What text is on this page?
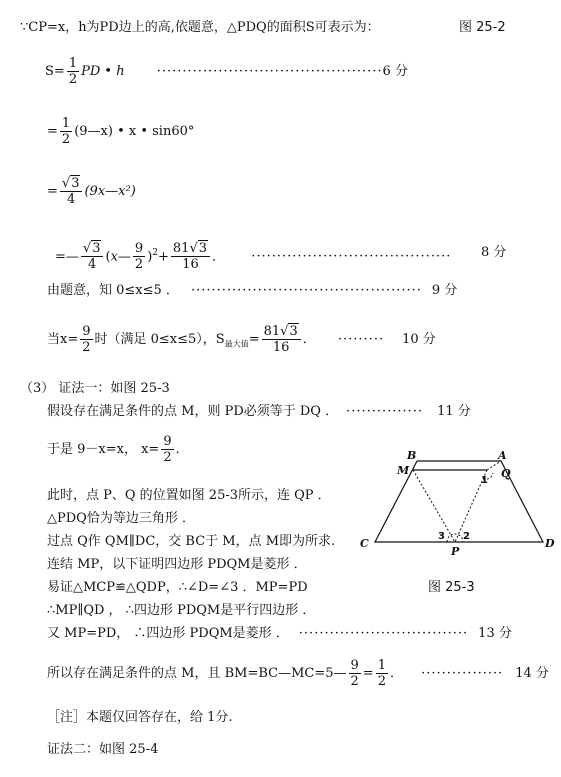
∵CP=x，h为PD边上的高,依题意，△PDQ的面积S可表示为：	图 25-2
$S= \frac{1}{2}$ PD • h ············································6 分
= $\frac{1}{2}$ (9—x) • x • sin60°
= $\frac{√3}{4}$ (9x—x²)
=— $\frac{√3}{4}$ (x— $\frac{9}{2} )^2+ \frac{81√3}{16}$ ． ······································· 8 分
由题意，知 0≤x≤5 ． ············································· 9 分
当$x= \frac{9}{2}$ 时（满足 0≤x≤5），$S_{最大值}= \frac{81√3}{16}$ ． ········· 10 分
（3） 证法一：如图 25-3
假设存在满足条件的点 M，则 PD必须等于 DQ ． ··············· 11 分
于是 9－x=x， $x= \frac{9}{2}$ ．
此时，点 P、Q 的位置如图 25-3所示，连 QP ．
△PDQ恰为等边三角形 ．
过点 Q作 QM∥DC，交 BC于 M，点 M即为所求.
连结 MP，以下证明四边形 PDQM是菱形 ．
易证△MCP≌△QDP，∴∠D=∠3 ．MP=PD	图 25-3
∴MP∥QD ， ∴四边形 PDQM是平行四边形 ．
又 MP=PD， ∴四边形 PDQM是菱形 ． ································· 13 分
所以存在满足条件的点 M，且 BM=BC—MC=5— $\frac{9}{2} = \frac{1}{2}$ ． ················ 14 分
［注］本题仅回答存在，给 1分.
证法二：如图 25-4
B	A
M	Q
C	D
P
1
2
3
